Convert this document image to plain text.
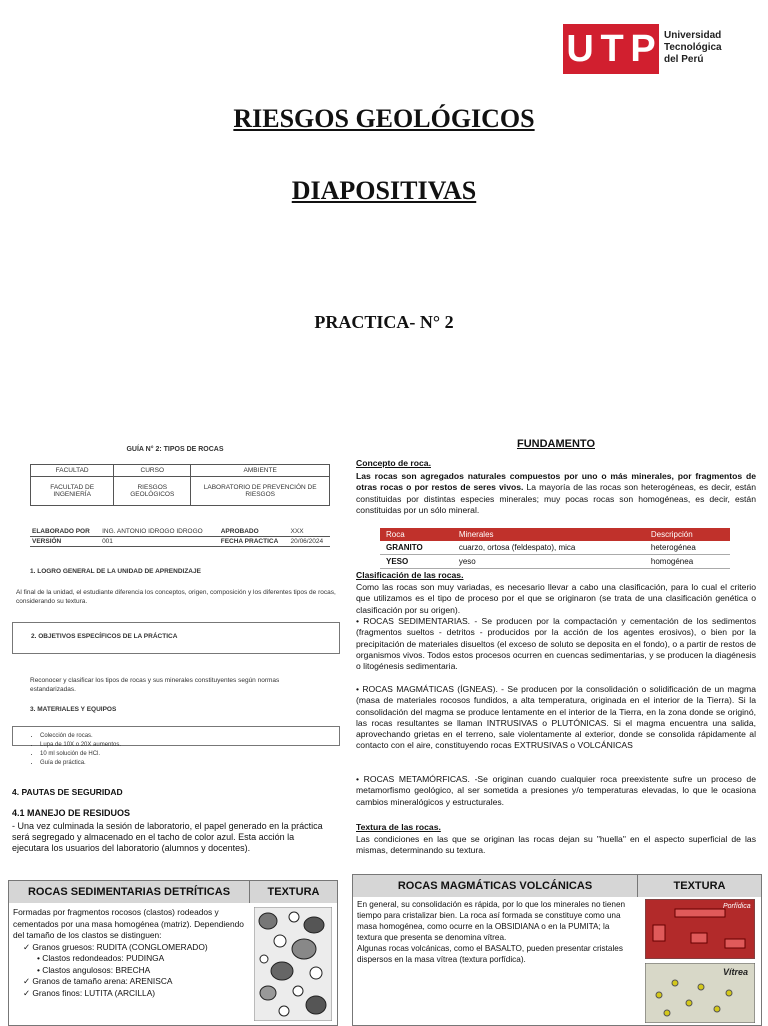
U T P Universidad
Tecnológica
del Perú
RIESGOS GEOLÓGICOS
DIAPOSITIVAS
PRACTICA- N° 2
GUÍA N° 2: TIPOS DE ROCAS
FACULTAD	CURSO	AMBIENTE
FACULTAD DE INGENIERÍA	RIESGOS GEOLÓGICOS	LABORATORIO DE PREVENCIÓN DE RIESGOS
ELABORADO POR	ING. ANTONIO IDROGO IDROGO	APROBADO	XXX
VERSIÓN	001	FECHA PRACTICA	20/06/2024
1. LOGRO GENERAL DE LA UNIDAD DE APRENDIZAJE
Al final de la unidad, el estudiante diferencia los conceptos, origen, composición y los diferentes tipos de rocas, considerando su textura.
2. OBJETIVOS ESPECÍFICOS DE LA PRÁCTICA
Reconocer y clasificar los tipos de rocas y sus minerales constituyentes según normas estandarizadas.
3. MATERIALES Y EQUIPOS
• Colección de rocas.
• Lupa de 10X o 20X aumentos.
• 10 ml solución de HCl.
• Guía de práctica.
4. PAUTAS DE SEGURIDAD
4.1 MANEJO DE RESIDUOS
- Una vez culminada la sesión de laboratorio, el papel generado en la práctica será segregado y almacenado en el tacho de color azul. Esta acción la ejecutara los usuarios del laboratorio (alumnos y docentes).
FUNDAMENTO
Concepto de roca.
Las rocas son agregados naturales compuestos por uno o más minerales, por fragmentos de otras rocas o por restos de seres vivos. La mayoría de las rocas son heterogéneas, es decir, están constituidas por distintas especies minerales; muy pocas rocas son homogéneas, es decir, están constituidas por un sólo mineral.
Roca	Minerales	Descripción
GRANITO	cuarzo, ortosa (feldespato), mica	heterogénea
YESO	yeso	homogénea
Clasificación de las rocas.
Como las rocas son muy variadas, es necesario llevar a cabo una clasificación, para lo cual el criterio que utilizamos es el tipo de proceso por el que se originaron (se trata de una clasificación genética o clasificación por su origen).
• ROCAS SEDIMENTARIAS. - Se producen por la compactación y cementación de los sedimentos (fragmentos sueltos - detritos - producidos por la acción de los agentes erosivos), o bien por la precipitación de materiales disueltos (el exceso de soluto se deposita en el fondo), o a partir de restos de organismos vivos. Todos estos procesos ocurren en cuencas sedimentarias, y se producen la diagénesis o litogénesis sedimentaria.
• ROCAS MAGMÁTICAS (ÍGNEAS). - Se producen por la consolidación o solidificación de un magma (masa de materiales rocosos fundidos, a alta temperatura, originada en el interior de la Tierra). Si la consolidación del magma se produce lentamente en el interior de la Tierra, en la zona donde se originó, las rocas resultantes se llaman INTRUSIVAS o PLUTÓNICAS. Si el magma encuentra una salida, aprovechando grietas en el terreno, sale violentamente al exterior, donde se consolida rápidamente al contacto con el aire, constituyendo rocas EXTRUSIVAS o VOLCÁNICAS
• ROCAS METAMÓRFICAS. -Se originan cuando cualquier roca preexistente sufre un proceso de metamorfismo geológico, al ser sometida a presiones y/o temperaturas elevadas, lo que le ocasiona cambios mineralógicos y estructurales.
Textura de las rocas.
Las condiciones en las que se originan las rocas dejan su "huella" en el aspecto superficial de las mismas, determinando su textura.
ROCAS SEDIMENTARIAS DETRÍTICAS	TEXTURA
Formadas por fragmentos rocosos (clastos) rodeados y cementados por una masa homogénea (matriz). Dependiendo del tamaño de los clastos se distinguen:
✓ Granos gruesos: RUDITA (CONGLOMERADO)
• Clastos redondeados: PUDINGA
• Clastos angulosos: BRECHA
✓ Granos de tamaño arena: ARENISCA
✓ Granos finos: LUTITA (ARCILLA)
ROCAS MAGMÁTICAS VOLCÁNICAS	TEXTURA
En general, su consolidación es rápida, por lo que los minerales no tienen tiempo para cristalizar bien. La roca así formada se constituye como una masa homogénea, como ocurre en la OBSIDIANA o en la PUMITA; la textura que presenta se denomina vítrea.
Algunas rocas volcánicas, como el BASALTO, pueden presentar cristales dispersos en la masa vítrea (textura porfídica).
Porfídica
Vítrea
